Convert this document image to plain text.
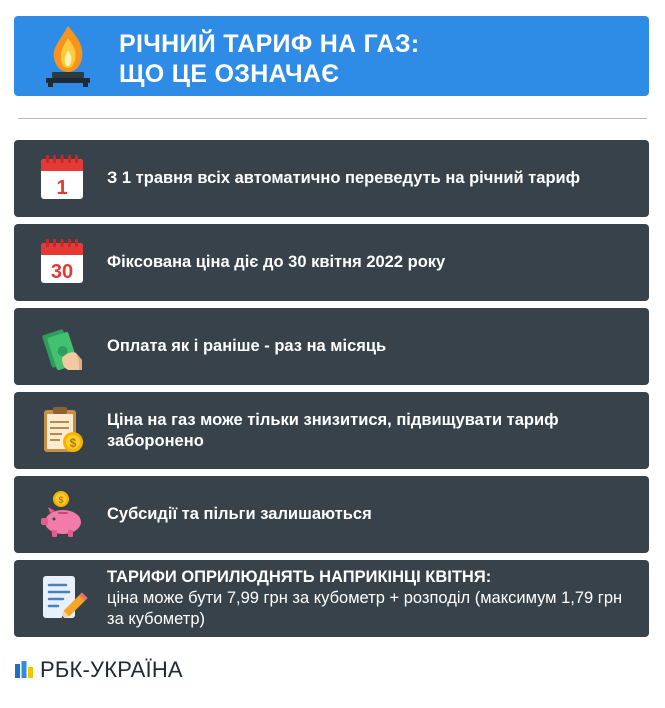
РІЧНИЙ ТАРИФ НА ГАЗ:
ЩО ЦЕ ОЗНАЧАЄ
1 З 1 травня всіх автоматично переведуть на річний тариф
30 Фіксована ціна діє до 30 квітня 2022 року
Оплата як і раніше - раз на місяць
$
Ціна на газ може тільки знизитися, підвищувати тариф заборонено
$
Субсидії та пільги залишаються
ТАРИФИ ОПРИЛЮДНЯТЬ НАПРИКІНЦІ КВІТНЯ:
ціна може бути 7,99 грн за кубометр + розподіл (максимум 1,79 грн за кубометр)
РБК-УКРАЇНА
